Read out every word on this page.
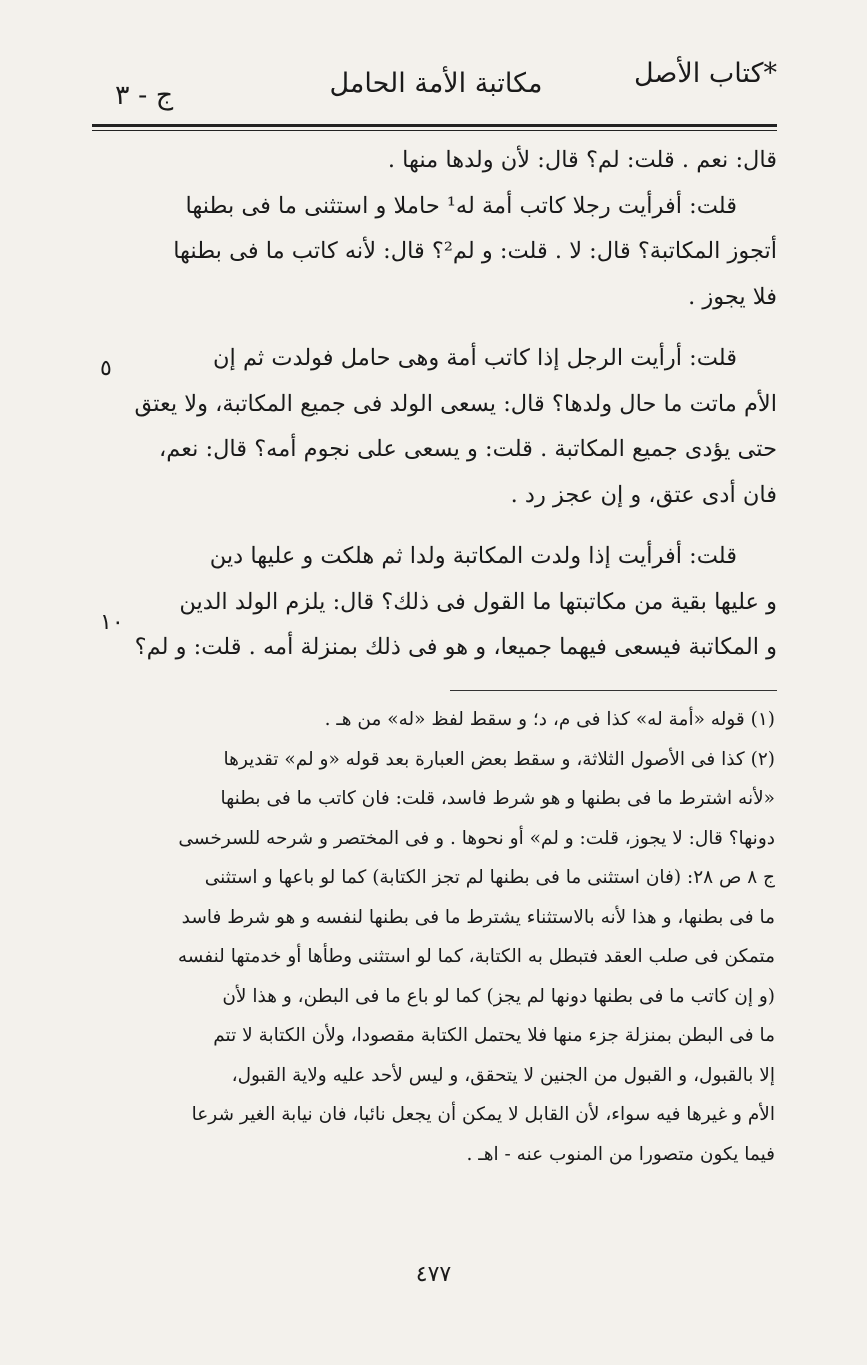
*كتاب الأصل
مكاتبة الأمة الحامل
ج - ٣

قال: نعم . قلت: لم؟ قال: لأن ولدها منها .

قلت: أفرأيت رجلا كاتب أمة له¹ حاملا و استثنى ما فى بطنها

أتجوز المكاتبة؟ قال: لا . قلت: و لم²؟ قال: لأنه كاتب ما فى بطنها

فلا يجوز .

قلت: أرأيت الرجل إذا كاتب أمة وهى حامل فولدت ثم إن

الأم ماتت ما حال ولدها؟ قال: يسعى الولد فى جميع المكاتبة، ولا يعتق

حتى يؤدى جميع المكاتبة . قلت: و يسعى على نجوم أمه؟ قال: نعم،

فان أدى عتق، و إن عجز رد .

قلت: أفرأيت إذا ولدت المكاتبة ولدا ثم هلكت و عليها دين

و عليها بقية من مكاتبتها ما القول فى ذلك؟ قال: يلزم الولد الدين

و المكاتبة فيسعى فيهما جميعا، و هو فى ذلك بمنزلة أمه . قلت: و لم؟

٥
١٠

(١) قوله «أمة له» كذا فى م، د؛ و سقط لفظ «له» من هـ .

(٢) كذا فى الأصول الثلاثة، و سقط بعض العبارة بعد قوله «و لم» تقديرها

«لأنه اشترط ما فى بطنها و هو شرط فاسد، قلت: فان كاتب ما فى بطنها

دونها؟ قال: لا يجوز، قلت: و لم» أو نحوها . و فى المختصر و شرحه للسرخسى

ج ٨ ص ٢٨: (فان استثنى ما فى بطنها لم تجز الكتابة) كما لو باعها و استثنى

ما فى بطنها، و هذا لأنه بالاستثناء يشترط ما فى بطنها لنفسه و هو شرط فاسد

متمكن فى صلب العقد فتبطل به الكتابة، كما لو استثنى وطأها أو خدمتها لنفسه

(و إن كاتب ما فى بطنها دونها لم يجز) كما لو باع ما فى البطن، و هذا لأن

ما فى البطن بمنزلة جزء منها فلا يحتمل الكتابة مقصودا، ولأن الكتابة لا تتم

إلا بالقبول، و القبول من الجنين لا يتحقق، و ليس لأحد عليه ولاية القبول،

الأم و غيرها فيه سواء، لأن القابل لا يمكن أن يجعل نائبا، فان نيابة الغير شرعا

فيما يكون متصورا من المنوب عنه - اهـ .

٤٧٧
